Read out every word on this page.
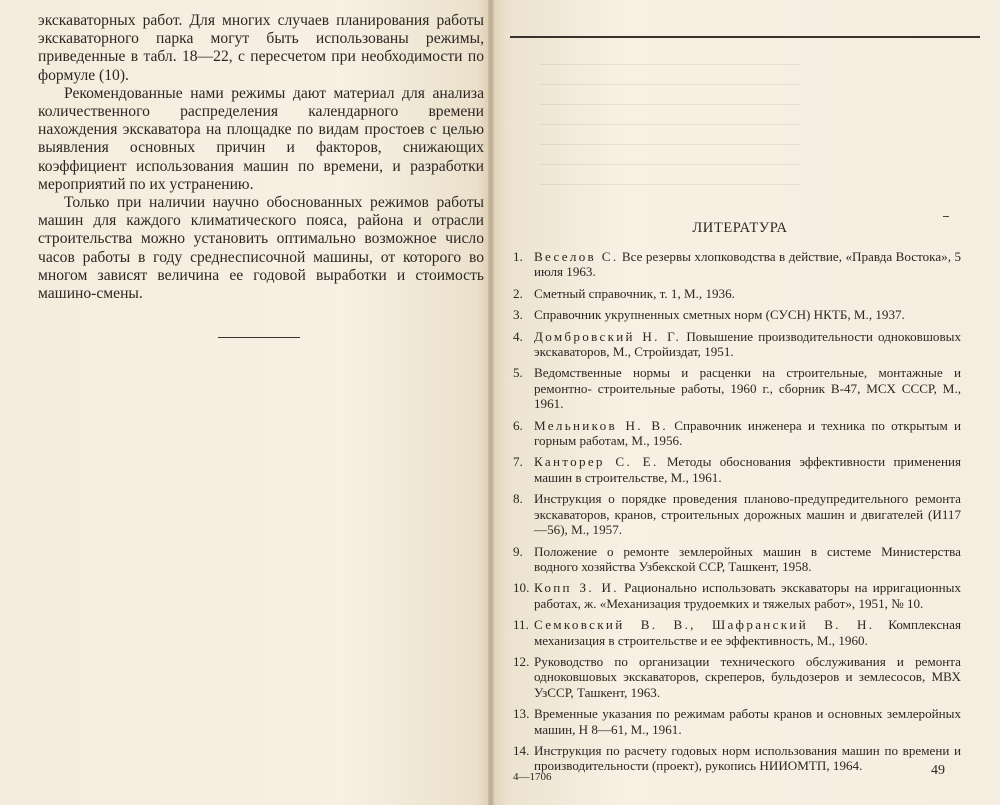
экскаваторных работ. Для многих случаев планирования работы экскаваторного парка могут быть использованы режимы, приведенные в табл. 18—22, с пересчетом при необходимости по формуле (10).

Рекомендованные нами режимы дают материал для анализа количественного распределения календарного времени нахождения экскаватора на площадке по видам простоев с целью выявления основных причин и факторов, снижающих коэффициент использования машин по времени, и разработки мероприятий по их устранению.

Только при наличии научно обоснованных режимов работы машин для каждого климатического пояса, района и отрасли строительства можно установить оптимально возможное число часов работы в году среднесписочной машины, от которого во многом зависят величина ее годовой выработки и стоимость машино-смены.

ЛИТЕРАТУРА
1. Веселов С. Все резервы хлопководства в действие, «Правда Востока», 5 июля 1963.
2. Сметный справочник, т. 1, М., 1936.
3. Справочник укрупненных сметных норм (СУСН) НКТБ, М., 1937.
4. Домбровский Н. Г. Повышение производительности одноковшовых экскаваторов, М., Стройиздат, 1951.
5. Ведомственные нормы и расценки на строительные, монтажные и ремонтно- строительные работы, 1960 г., сборник В-47, МСХ СССР, М., 1961.
6. Мельников Н. В. Справочник инженера и техника по открытым и горным работам, М., 1956.
7. Канторер С. Е. Методы обоснования эффективности применения машин в строительстве, М., 1961.
8. Инструкция о порядке проведения планово-предупредительного ремонта экскаваторов, кранов, строительных дорожных машин и двигателей (И117—56), М., 1957.
9. Положение о ремонте землеройных машин в системе Министерства водного хозяйства Узбекской ССР, Ташкент, 1958.
10. Копп З. И. Рационально использовать экскаваторы на ирригационных работах, ж. «Механизация трудоемких и тяжелых работ», 1951, № 10.
11. Семковский В. В., Шафранский В. Н. Комплексная механизация в строительстве и ее эффективность, М., 1960.
12. Руководство по организации технического обслуживания и ремонта одноковшовых экскаваторов, скреперов, бульдозеров и землесосов, МВХ УзССР, Ташкент, 1963.
13. Временные указания по режимам работы кранов и основных землеройных машин, Н 8—61, М., 1961.
14. Инструкция по расчету годовых норм использования машин по времени и производительности (проект), рукопись НИИОМТП, 1964.
4—1706	49
